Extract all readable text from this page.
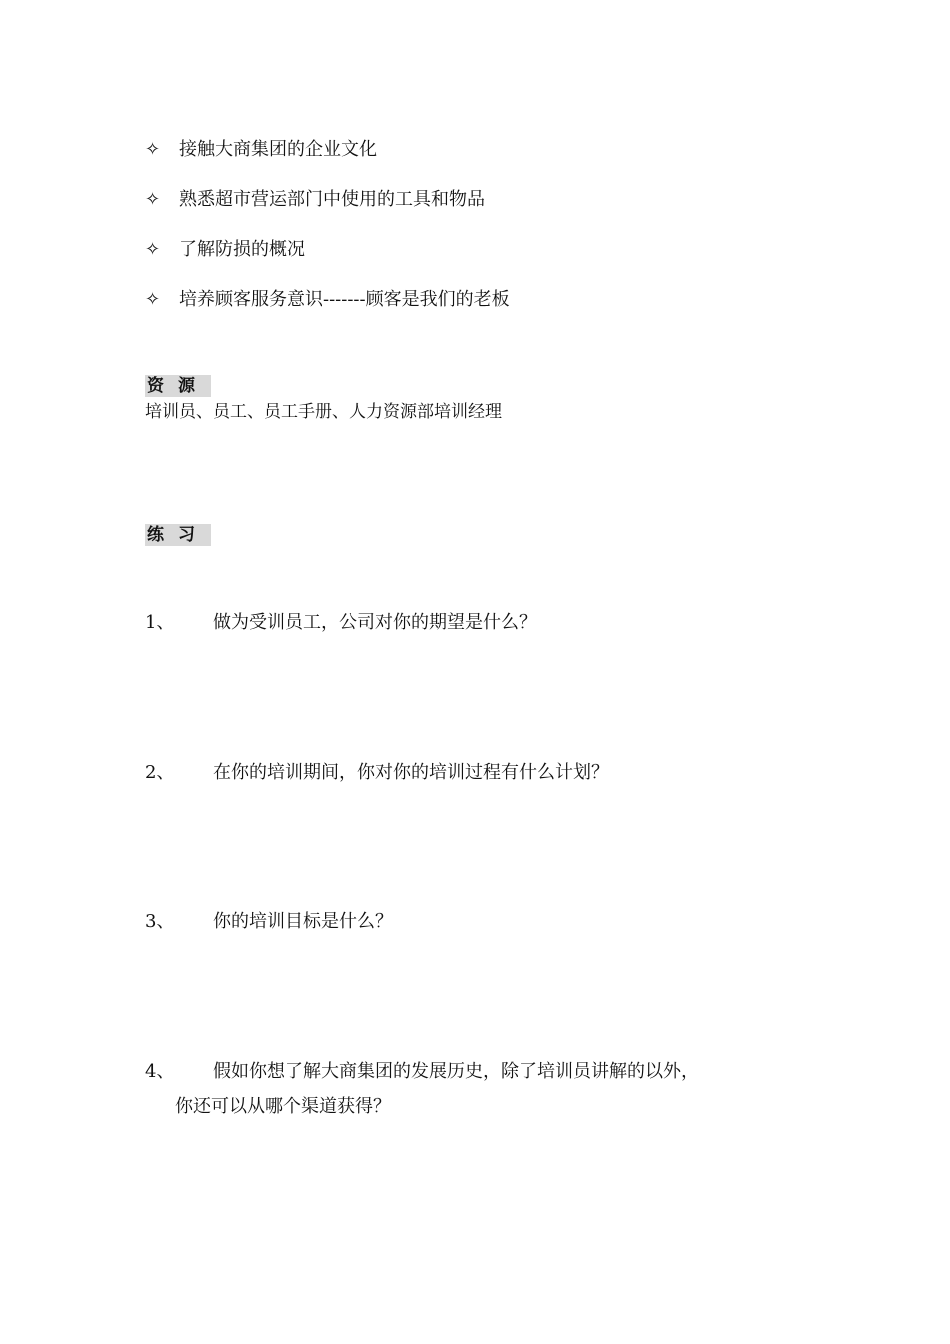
✧	接触大商集团的企业文化
✧	熟悉超市营运部门中使用的工具和物品
✧	了解防损的概况
✧	培养顾客服务意识-------顾客是我们的老板
资源
培训员、员工、员工手册、人力资源部培训经理
练习
1、 做为受训员工，公司对你的期望是什么？
2、 在你的培训期间，你对你的培训过程有什么计划？
3、 你的培训目标是什么？
4、 假如你想了解大商集团的发展历史，除了培训员讲解的以外，
你还可以从哪个渠道获得？
